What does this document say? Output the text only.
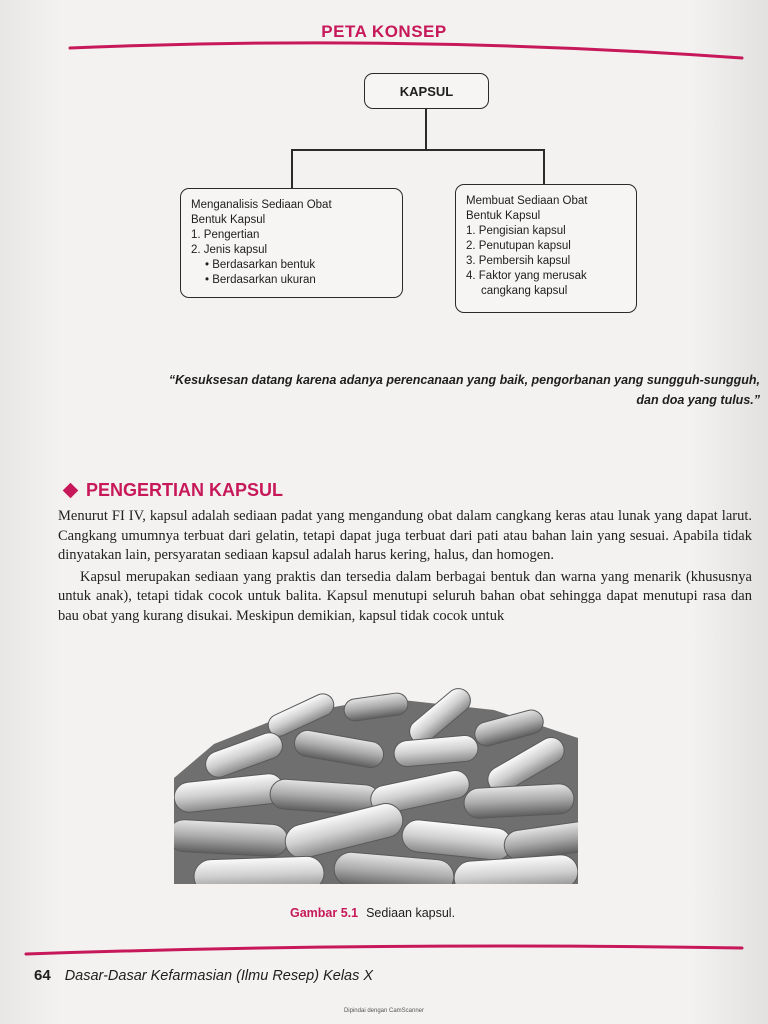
PETA KONSEP
KAPSUL
Menganalisis Sediaan Obat
Bentuk Kapsul
1. Pengertian
2. Jenis kapsul
• Berdasarkan bentuk
• Berdasarkan ukuran
Membuat Sediaan Obat
Bentuk Kapsul
1. Pengisian kapsul
2. Penutupan kapsul
3. Pembersih kapsul
4. Faktor yang merusak
cangkang kapsul
“Kesuksesan datang karena adanya perencanaan yang baik, pengorbanan yang sungguh-sungguh,
dan doa yang tulus.”
PENGERTIAN KAPSUL

Menurut FI IV, kapsul adalah sediaan padat yang mengandung obat dalam cangkang keras atau lunak yang dapat larut. Cangkang umumnya terbuat dari gelatin, tetapi dapat juga terbuat dari pati atau bahan lain yang sesuai. Apabila tidak dinyatakan lain, persyaratan sediaan kapsul adalah harus kering, halus, dan homogen.

Kapsul merupakan sediaan yang praktis dan tersedia dalam berbagai bentuk dan warna yang menarik (khususnya untuk anak), tetapi tidak cocok untuk balita. Kapsul menutupi seluruh bahan obat sehingga dapat menutupi rasa dan bau obat yang kurang disukai. Meskipun demikian, kapsul tidak cocok untuk

Gambar 5.1 Sediaan kapsul.
64 Dasar-Dasar Kefarmasian (Ilmu Resep) Kelas X
Dipindai dengan CamScanner
